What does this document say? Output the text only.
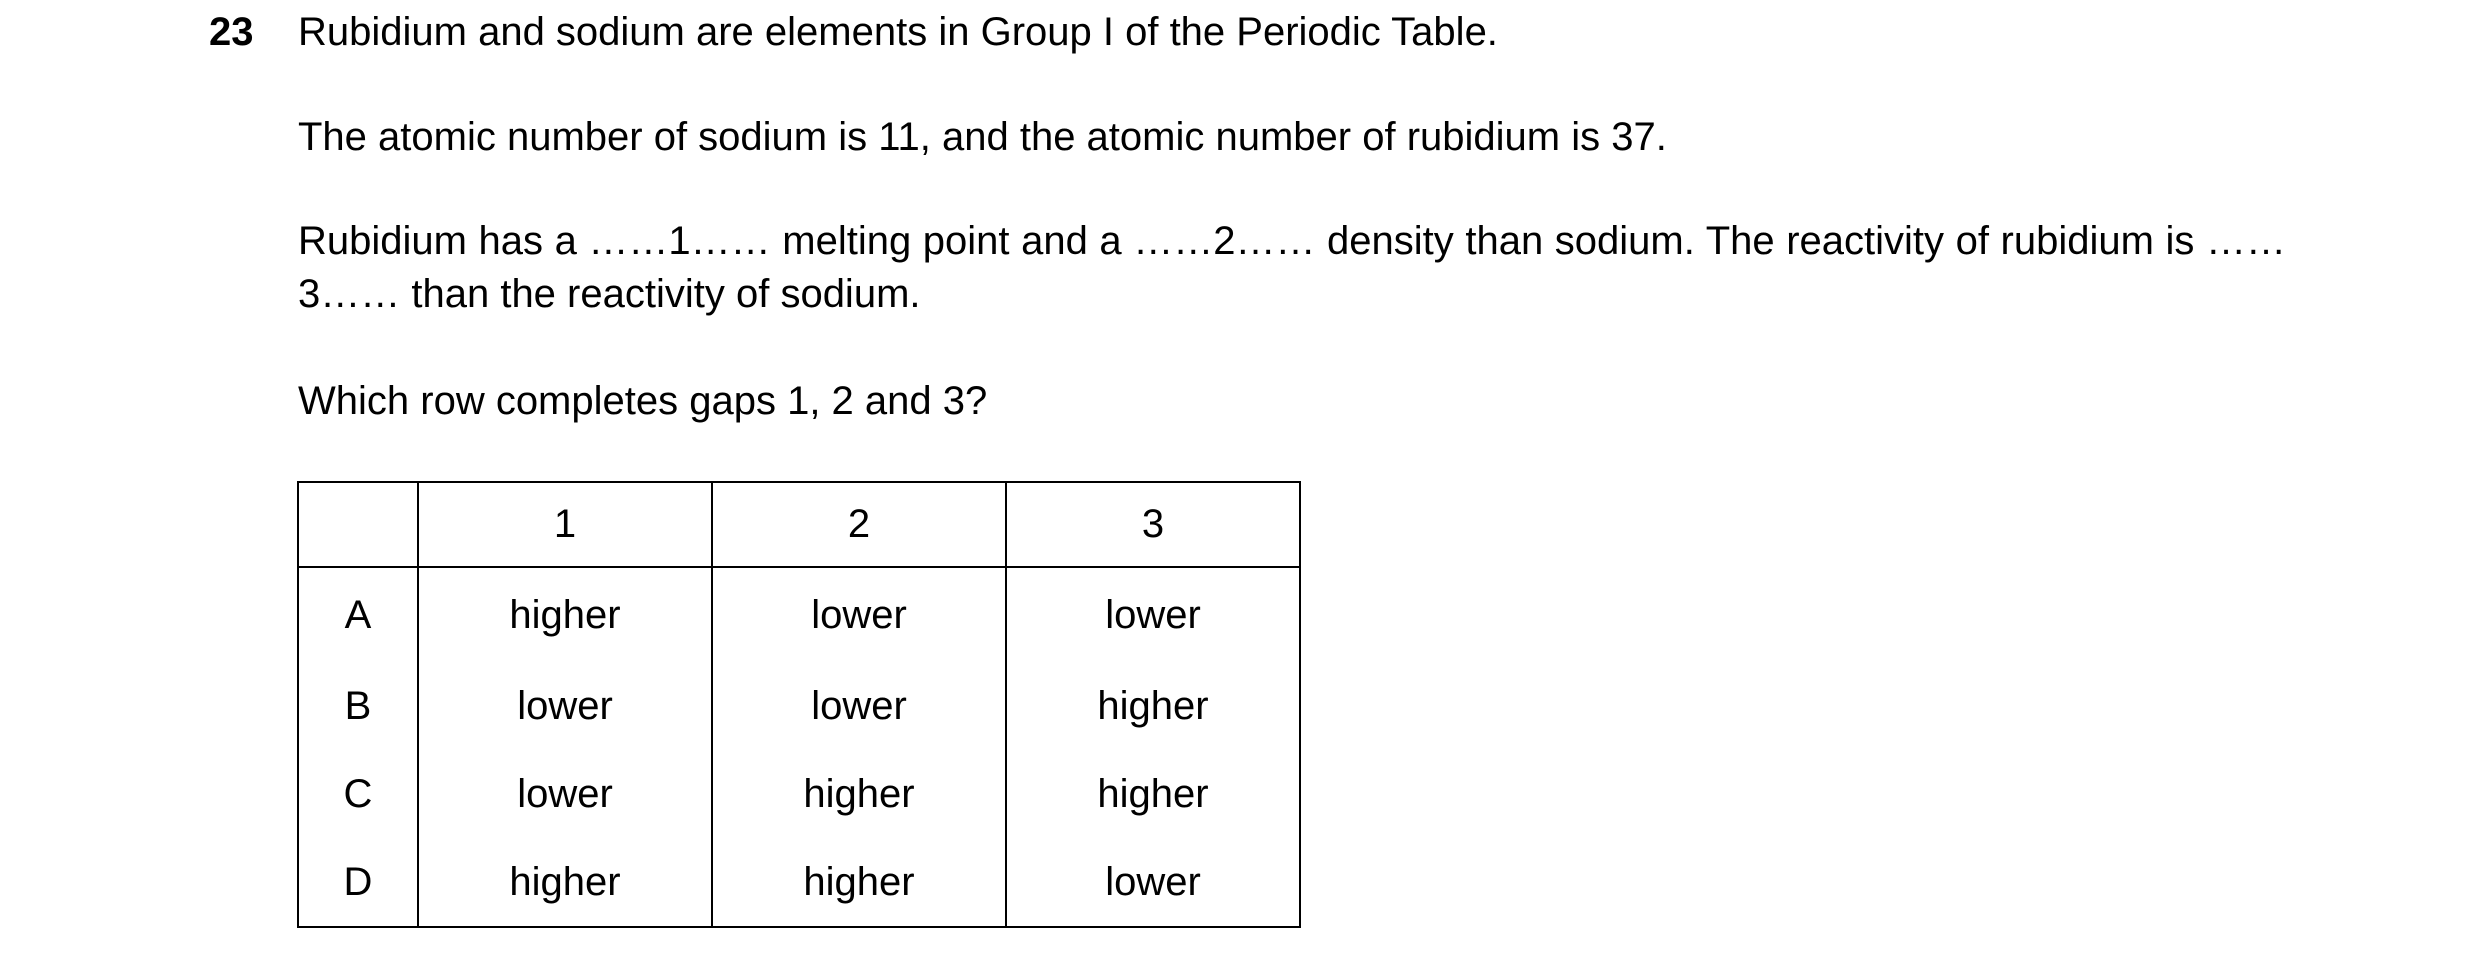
23 Rubidium and sodium are elements in Group I of the Periodic Table.
The atomic number of sodium is 11, and the atomic number of rubidium is 37.
Rubidium has a ……1…… melting point and a ……2…… density than sodium. The reactivity of rubidium is ……3…… than the reactivity of sodium.
Which row completes gaps 1, 2 and 3?
	1	2	3
A	higher	lower	lower
B	lower	lower	higher
C	lower	higher	higher
D	higher	higher	lower
